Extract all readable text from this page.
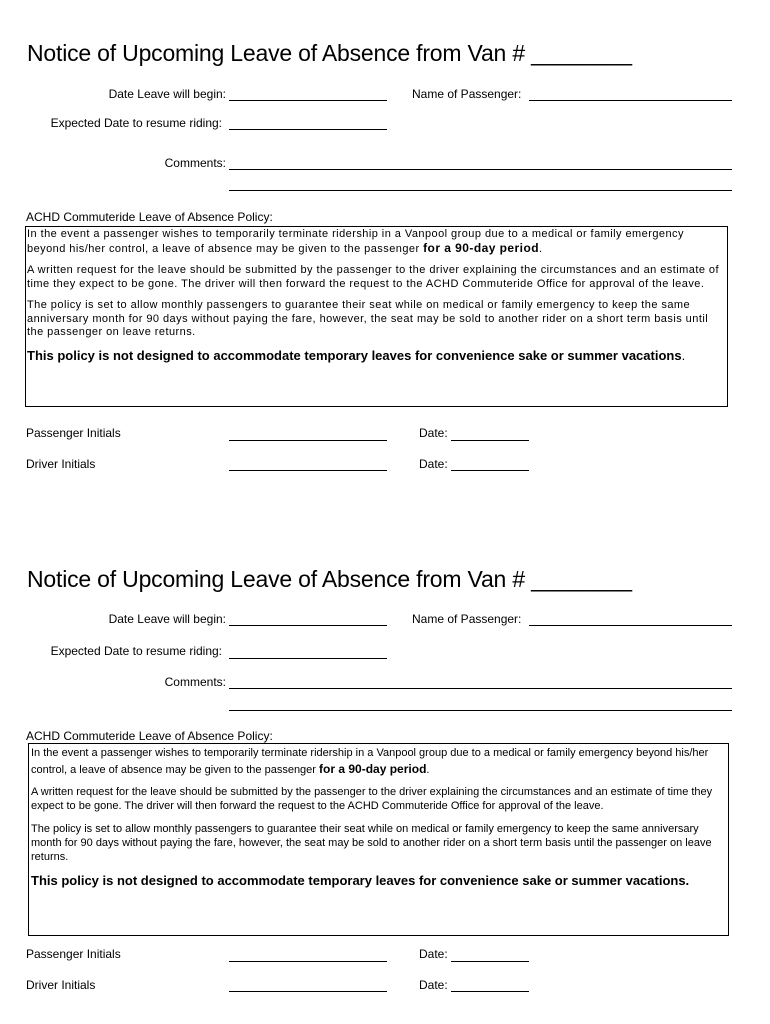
Notice of Upcoming Leave of Absence from Van # ________
Date Leave will begin:	Name of Passenger:
Expected Date to resume riding:
Comments:
ACHD Commuteride Leave of Absence Policy:

In the event a passenger wishes to temporarily terminate ridership in a Vanpool group due to a medical or family emergency beyond his/her control, a leave of absence may be given to the passenger for a 90-day period.

A written request for the leave should be submitted by the passenger to the driver explaining the circumstances and an estimate of time they expect to be gone. The driver will then forward the request to the ACHD Commuteride Office for approval of the leave.

The policy is set to allow monthly passengers to guarantee their seat while on medical or family emergency to keep the same anniversary month for 90 days without paying the fare, however, the seat may be sold to another rider on a short term basis until the passenger on leave returns.

This policy is not designed to accommodate temporary leaves for convenience sake or summer vacations.

Passenger Initials	Date:
Driver Initials	Date:
Notice of Upcoming Leave of Absence from Van # ________
Date Leave will begin:	Name of Passenger:
Expected Date to resume riding:
Comments:
ACHD Commuteride Leave of Absence Policy:

In the event a passenger wishes to temporarily terminate ridership in a Vanpool group due to a medical or family emergency beyond his/her control, a leave of absence may be given to the passenger for a 90-day period.

A written request for the leave should be submitted by the passenger to the driver explaining the circumstances and an estimate of time they expect to be gone. The driver will then forward the request to the ACHD Commuteride Office for approval of the leave.

The policy is set to allow monthly passengers to guarantee their seat while on medical or family emergency to keep the same anniversary month for 90 days without paying the fare, however, the seat may be sold to another rider on a short term basis until the passenger on leave returns.

This policy is not designed to accommodate temporary leaves for convenience sake or summer vacations.

Passenger Initials	Date:
Driver Initials	Date:
